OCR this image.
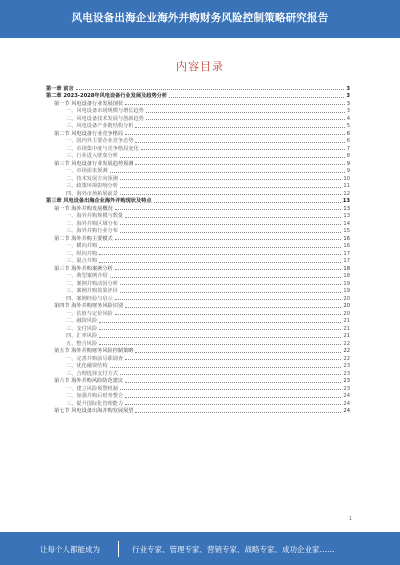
风电设备出海企业海外并购财务风险控制策略研究报告
内容目录
第一章 前言	3
第二章 2023-2028年风电设备行业发展及趋势分析	3
第一节 风电设备行业发展现状	3
一、风电设备市场规模与增长趋势	3
二、风电设备技术发展与创新趋势	4
三、风电设备产业链结构分析	5
第二节 风电设备行业竞争格局	6
一、国内外主要企业竞争态势	6
二、市场集中度与竞争格局变化	7
三、行业进入壁垒分析	8
第三节 风电设备行业发展趋势预测	9
一、市场需求预测	9
二、技术发展方向预测	10
三、政策环境影响分析	11
四、海外市场拓展前景	12
第三章 风电设备出海企业海外并购现状及特点	13
第一节 海外并购发展概况	13
一、海外并购规模与数量	13
二、海外并购区域分布	14
三、海外并购行业分布	15
第二节 海外并购主要模式	16
一、横向并购	16
二、纵向并购	17
三、混合并购	17
第三节 海外并购案例分析	18
一、典型案例介绍	18
二、案例并购动因分析	19
三、案例并购效果评价	19
四、案例经验与启示	20
第四节 海外并购财务风险识别	20
一、估值与定价风险	20
二、融资风险	21
三、支付风险	21
四、汇率风险	21
五、整合风险	22
第五节 海外并购财务风险控制策略	22
一、完善并购前尽职调查	22
二、优化融资结构	23
三、合理选择支付方式	23
第六节 海外并购风险防范建议	23
一、建立风险预警机制	23
二、加强并购后财务整合	24
三、提升国际化管理能力	24
第七节 风电设备出海并购发展展望	24
1
让每个人都能成为	行业专家、管理专家、营销专家、战略专家、成功企业家……
